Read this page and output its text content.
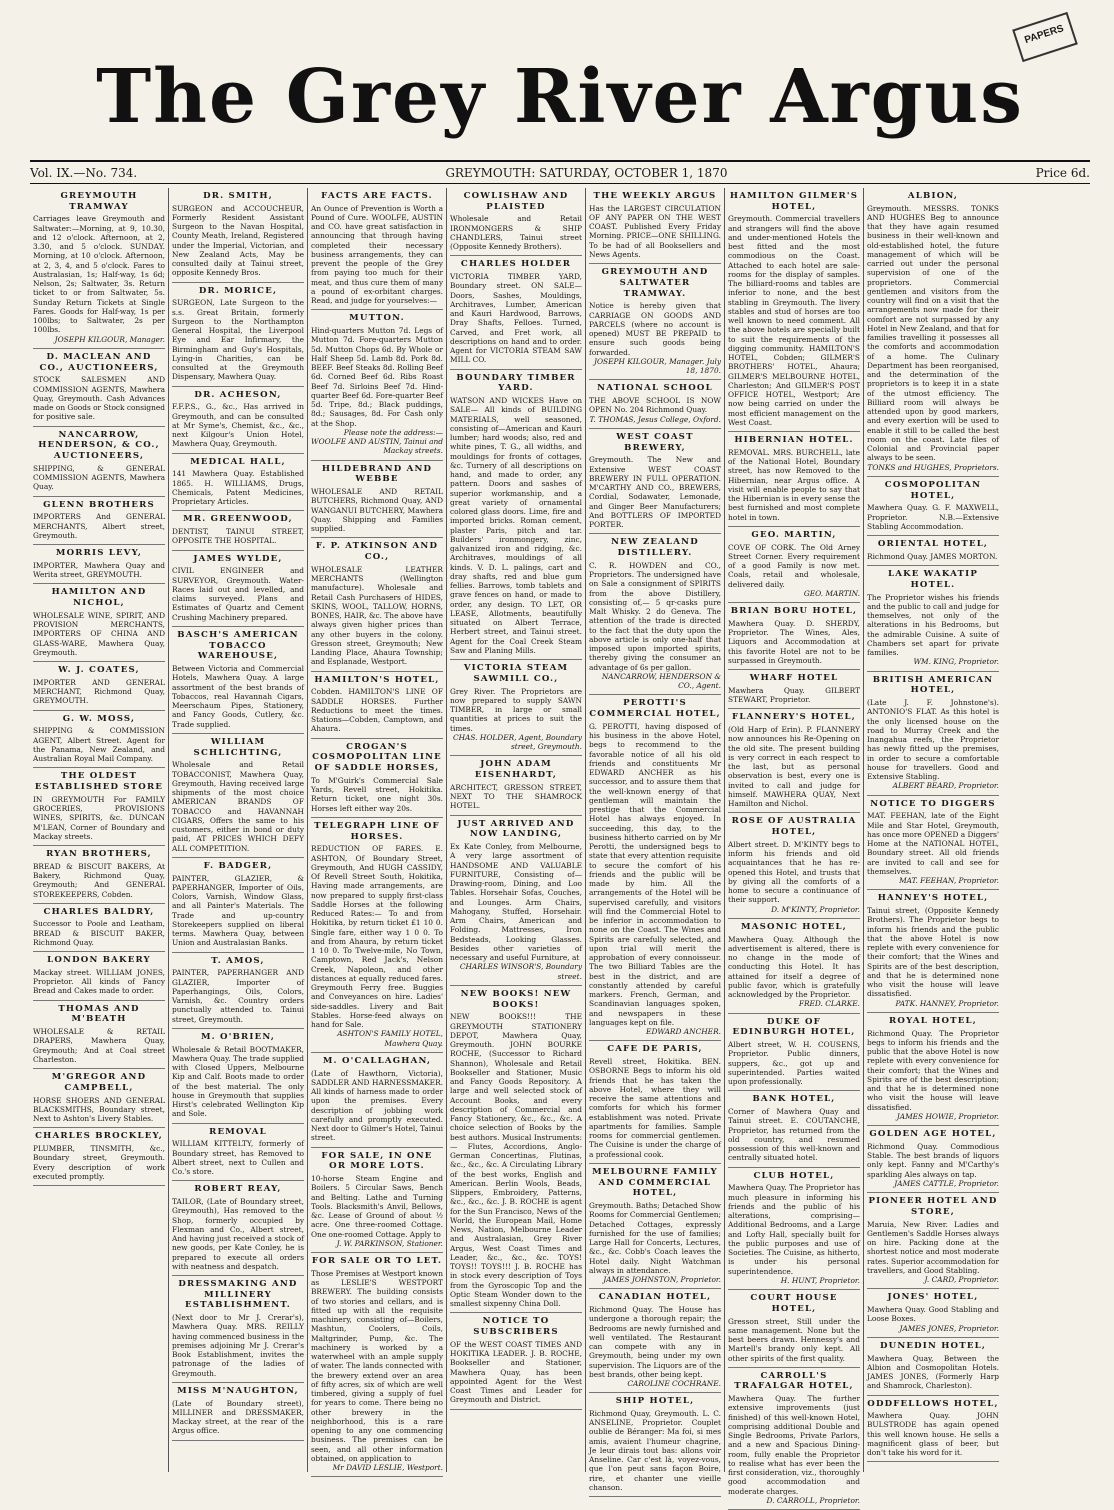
PAPERS
The Grey River Argus
Vol. IX.—No. 734.	GREYMOUTH: SATURDAY, OCTOBER 1, 1870	Price 6d.
GREYMOUTH TRAMWAY
Carriages leave Greymouth and Saltwater:—Morning, at 9, 10.30, and 12 o'clock. Afternoon, at 2, 3.30, and 5 o'clock. SUNDAY. Morning, at 10 o'clock. Afternoon, at 2, 3, 4, and 5 o'clock. Fares to Australasian, 1s; Half-way, 1s 6d; Nelson, 2s; Saltwater, 3s. Return ticket to or from Saltwater, 5s. Sunday Return Tickets at Single Fares. Goods for Half-way, 1s per 100lbs; to Saltwater, 2s per 100lbs.
JOSEPH KILGOUR, Manager.
D. MACLEAN AND CO., AUCTIONEERS,
STOCK SALESMEN AND COMMISSION AGENTS, Mawhera Quay, Greymouth. Cash Advances made on Goods or Stock consigned for positive sale.
NANCARROW, HENDERSON, & CO., AUCTIONEERS,
SHIPPING, & GENERAL COMMISSION AGENTS, Mawhera Quay.
GLENN BROTHERS
IMPORTERS And GENERAL MERCHANTS, Albert street, Greymouth.
MORRIS LEVY,
IMPORTER, Mawhera Quay and Werita street, GREYMOUTH.
HAMILTON AND NICHOL,
WHOLESALE WINE, SPIRIT, AND PROVISION MERCHANTS, IMPORTERS OF CHINA AND GLASS-WARE, Mawhera Quay, Greymouth.
W. J. COATES,
IMPORTER AND GENERAL MERCHANT, Richmond Quay, GREYMOUTH.
G. W. MOSS,
SHIPPING & COMMISSION AGENT, Albert Street. Agent for the Panama, New Zealand, and Australian Royal Mail Company.
THE OLDEST ESTABLISHED STORE
IN GREYMOUTH For FAMILY GROCERIES, PROVISIONS WINES, SPIRITS, &c. DUNCAN M'LEAN, Corner of Boundary and Mackay streets.
RYAN BROTHERS,
BREAD & BISCUIT BAKERS, At Bakery, Richmond Quay, Greymouth; And GENERAL STOREKEEPERS, Cobden.
CHARLES BALDRY,
Successor to Poole and Leatham, BREAD & BISCUIT BAKER, Richmond Quay.
LONDON BAKERY
Mackay street. WILLIAM JONES, Proprietor. All kinds of Fancy Bread and Cakes made to order.
THOMAS AND M'BEATH
WHOLESALE & RETAIL DRAPERS, Mawhera Quay, Greymouth; And at Coal street Charleston.
M'GREGOR AND CAMPBELL,
HORSE SHOERS AND GENERAL BLACKSMITHS, Boundary street, Next to Ashton's Livery Stables.
CHARLES BROCKLEY,
PLUMBER, TINSMITH, &c., Boundary street, Greymouth. Every description of work executed promptly.
DR. SMITH,
SURGEON and ACCOUCHEUR, Formerly Resident Assistant Surgeon to the Navan Hospital, County Meath, Ireland, Registered under the Imperial, Victorian, and New Zealand Acts, May be consulted daily at Tainui street, opposite Kennedy Bros.
DR. MORICE,
SURGEON, Late Surgeon to the s.s. Great Britain, formerly Surgeon to the Northampton General Hospital, the Liverpool Eye and Ear Infirmary, the Birmingham and Guy's Hospitals, Lying-in Charities, can be consulted at the Greymouth Dispensary, Mawhera Quay.
DR. ACHESON,
F.F.P.S., G., &c., Has arrived in Greymouth, and can be consulted at Mr Syme's, Chemist, &c., &c., next Kilgour's Union Hotel, Mawhera Quay, Greymouth.
MEDICAL HALL,
141 Mawhera Quay. Established 1865. H. WILLIAMS, Drugs, Chemicals, Patent Medicines, Proprietary Articles.
MR. GREENWOOD,
DENTIST, TAINUI STREET, OPPOSITE THE HOSPITAL.
JAMES WYLDE,
CIVIL ENGINEER and SURVEYOR, Greymouth. Water-Races laid out and levelled, and claims surveyed. Plans and Estimates of Quartz and Cement Crushing Machinery prepared.
BASCH'S AMERICAN TOBACCO WAREHOUSE,
Between Victoria and Commercial Hotels, Mawhera Quay. A large assortment of the best brands of Tobaccos, real Havannah Cigars, Meerschaum Pipes, Stationery, and Fancy Goods, Cutlery, &c. Trade supplied.
WILLIAM SCHLICHTING,
Wholesale and Retail TOBACCONIST, Mawhera Quay, Greymouth, Having received large shipments of the most choice AMERICAN BRANDS OF TOBACCO and HAVANNAH CIGARS, Offers the same to his customers, either in bond or duty paid, AT PRICES WHICH DEFY ALL COMPETITION.
F. BADGER,
PAINTER, GLAZIER, & PAPERHANGER, Importer of Oils, Colors, Varnish, Window Glass, and all Painter's Materials. The Trade and up-country Storekeepers supplied on liberal terms. Mawhera Quay, between Union and Australasian Banks.
T. AMOS,
PAINTER, PAPERHANGER AND GLAZIER, Importer of Paperhangings, Oils, Colors, Varnish, &c. Country orders punctually attended to. Tainui street, Greymouth.
M. O'BRIEN,
Wholesale & Retail BOOTMAKER, Mawhera Quay. The trade supplied with Closed Uppers, Melbourne Kip and Calf. Boots made to order of the best material. The only house in Greymouth that supplies Hirst's celebrated Wellington Kip and Sole.
REMOVAL
WILLIAM KITTELTY, formerly of Boundary street, has Removed to Albert street, next to Cullen and Co.'s store.
ROBERT REAY,
TAILOR, (Late of Boundary street, Greymouth), Has removed to the Shop, formerly occupied by Flexman and Co., Albert street, And having just received a stock of new goods, per Kate Conley, he is prepared to execute all orders with neatness and despatch.
DRESSMAKING AND MILLINERY ESTABLISHMENT.
(Next door to Mr J. Crerar's), Mawhera Quay. MRS. REILLY having commenced business in the premises adjoining Mr J. Crerar's Book Establishment, invites the patronage of the ladies of Greymouth.
MISS M'NAUGHTON,
(Late of Boundary street), MILLINER and DRESSMAKER, Mackay street, at the rear of the Argus office.
FACTS ARE FACTS.
An Ounce of Prevention is Worth a Pound of Cure. WOOLFE, AUSTIN and CO. have great satisfaction in announcing that through having completed their necessary business arrangements, they can prevent the people of the Grey from paying too much for their meat, and thus cure them of many a pound of ex-orbitant charges. Read, and judge for yourselves:—
MUTTON.
Hind-quarters Mutton 7d. Legs of Mutton 7d. Fore-quarters Mutton 5d. Mutton Chops 6d. By Whole or Half Sheep 5d. Lamb 8d. Pork 8d. BEEF. Beef Steaks 8d. Rolling Beef 6d. Corned Beef 6d. Ribs Roast Beef 7d. Sirloins Beef 7d. Hind-quarter Beef 6d. Fore-quarter Beef 5d. Tripe, 8d.; Black puddings, 8d.; Sausages, 8d. For Cash only at the Shop.
Please note the address:— WOOLFE AND AUSTIN, Tainui and Mackay streets.
HILDEBRAND AND WEBBE
WHOLESALE AND RETAIL BUTCHERS, Richmond Quay, AND WANGANUI BUTCHERY, Mawhera Quay. Shipping and Families supplied.
F. P. ATKINSON AND CO.,
WHOLESALE LEATHER MERCHANTS (Wellington manufacture). Wholesale and Retail Cash Purchasers of HIDES, SKINS, WOOL, TALLOW, HORNS, BONES, HAIR, &c. The above have always given higher prices than any other buyers in the colony. Gresson street, Greymouth; New Landing Place, Ahaura Township; and Esplanade, Westport.
HAMILTON'S HOTEL,
Cobden. HAMILTON'S LINE OF SADDLE HORSES. Further Reductions to meet the times. Stations—Cobden, Camptown, and Ahaura.
CROGAN'S COSMOPOLITAN LINE OF SADDLE HORSES,
To M'Guirk's Commercial Sale Yards, Revell street, Hokitika. Return ticket, one night 30s. Horses left either way 20s.
TELEGRAPH LINE OF HORSES.
REDUCTION OF FARES. E. ASHTON, Of Boundary Street, Greymouth, And HUGH CASSIDY, Of Revell Street South, Hokitika, Having made arrangements, are now prepared to supply first-class Saddle Horses at the following Reduced Rates:— To and from Hokitika, by return ticket £1 10 0. Single fare, either way 1 0 0. To and from Ahaura, by return ticket 1 10 0. To Twelve-mile, No Town, Camptown, Red Jack's, Nelson Creek, Napoleon, and other distances at equally reduced fares. Greymouth Ferry free. Buggies and Conveyances on hire. Ladies' side-saddles. Livery and Bait Stables. Horse-feed always on hand for Sale.
ASHTON'S FAMILY HOTEL, Mawhera Quay.
M. O'CALLAGHAN,
(Late of Hawthorn, Victoria), SADDLER AND HARNESSMAKER. All kinds of harness made to order upon the premises. Every description of jobbing work carefully and promptly executed. Next door to Gilmer's Hotel, Tainui street.
FOR SALE, IN ONE OR MORE LOTS.
10-horse Steam Engine and Boilers. 5 Circular Saws, Bench and Belting. Lathe and Turning Tools. Blacksmith's Anvil, Bellows, &c. Lease of Ground of about ½ acre. One three-roomed Cottage. One one-roomed Cottage. Apply to
J. W. PARKINSON, Stationer.
FOR SALE OR TO LET.
Those Premises at Westport known as LESLIE'S WESTPORT BREWERY. The building consists of two stories and cellars, and is fitted up with all the requisite machinery, consisting of—Boilers, Mashtun, Coolers, Coils, Maltgrinder, Pump, &c. The machinery is worked by a waterwheel with an ample supply of water. The lands connected with the brewery extend over an area of fifty acres, six of which are well timbered, giving a supply of fuel for years to come. There being no other brewery in the neighborhood, this is a rare opening to any one commencing business. The premises can be seen, and all other information obtained, on application to
Mr DAVID LESLIE, Westport.
COWLISHAW AND PLAISTED
Wholesale and Retail IRONMONGERS & SHIP CHANDLERS, Tainui street (Opposite Kennedy Brothers).
CHARLES HOLDER
VICTORIA TIMBER YARD, Boundary street. ON SALE— Doors, Sashes, Mouldings, Architraves, Lumber, American and Kauri Hardwood, Barrows, Dray Shafts, Felloes. Turned, Carved, and Fret work, all descriptions on hand and to order. Agent for VICTORIA STEAM SAW MILL CO.
BOUNDARY TIMBER YARD.
WATSON AND WICKES Have on SALE— All kinds of BUILDING MATERIALS, well seasoned, consisting of—American and Kauri lumber; hard woods; also, red and white pines, T. G., all widths, and mouldings for fronts of cottages, &c. Turnery of all descriptions on hand, and made to order, any pattern. Doors and sashes of superior workmanship, and a great variety of ornamental colored glass doors. Lime, fire and imported bricks. Roman cement, plaster Paris, pitch and tar. Builders' ironmongery, zinc, galvanized iron and ridging, &c. Architraves, mouldings of all kinds. V. D. L. palings, cart and dray shafts, red and blue gum fellies. Barrows, tomb tablets and grave fences on hand, or made to order, any design. TO LET, OR LEASE, Allotments, beautifully situated on Albert Terrace, Herbert street, and Tainui street. Agent for the Coal Creek Steam Saw and Planing Mills.
VICTORIA STEAM SAWMILL CO.,
Grey River. The Proprietors are now prepared to supply SAWN TIMBER, in large or small quantities at prices to suit the times.
CHAS. HOLDER, Agent, Boundary street, Greymouth.
JOHN ADAM EISENHARDT,
ARCHITECT, GRESSON STREET, NEXT TO THE SHAMROCK HOTEL.
JUST ARRIVED AND NOW LANDING,
Ex Kate Conley, from Melbourne, A very large assortment of HANDSOME AND VALUABLE FURNITURE, Consisting of— Drawing-room, Dining, and Loo Tables. Horsehair Sofas, Couches, and Lounges. Arm Chairs, Mahogany, Stuffed, Horsehair. Arm Chairs, American and Folding. Mattresses, Iron Bedsteads, Looking Glasses. Besides other varieties of necessary and useful Furniture, at
CHARLES WINSOR'S, Boundary street.
NEW BOOKS! NEW BOOKS!
NEW BOOKS!!! THE GREYMOUTH STATIONERY DEPOT, Mawhera Quay, Greymouth. JOHN BOURKE ROCHE, (Successor to Richard Shannon), Wholesale and Retail Bookseller and Stationer, Music and Fancy Goods Repository. A large and well selected stock of Account Books, and every description of Commercial and Fancy Stationery, &c., &c., &c. A choice selection of Books by the best authors. Musical Instruments:— Flutes, Accordions, Anglo-German Concertinas, Flutinas, &c., &c., &c. A Circulating Library of the best works, English and American. Berlin Wools, Beads, Slippers, Embroidery, Patterns, &c., &c., &c. J. B. ROCHE is agent for the Sun Francisco, News of the World, the European Mail, Home News, Nation, Melbourne Leader and Australasian, Grey River Argus, West Coast Times and Leader, &c., &c., &c. TOYS! TOYS!! TOYS!!! J. B. ROCHE has in stock every description of Toys from the Gyroscopic Top and the Optic Steam Wonder down to the smallest sixpenny China Doll.
NOTICE TO SUBSCRIBERS
OF the WEST COAST TIMES AND HOKITIKA LEADER. J. B. ROCHE, Bookseller and Stationer, Mawhera Quay, has been appointed Agent for the West Coast Times and Leader for Greymouth and District.
THE WEEKLY ARGUS
Has the LARGEST CIRCULATION OF ANY PAPER ON THE WEST COAST. Published Every Friday Morning. PRICE—ONE SHILLING. To be had of all Booksellers and News Agents.
GREYMOUTH AND SALTWATER TRAMWAY.
Notice is hereby given that CARRIAGE ON GOODS AND PARCELS (where no account is opened) MUST BE PREPAID to ensure such goods being forwarded.
JOSEPH KILGOUR, Manager. July 18, 1870.
NATIONAL SCHOOL
THE ABOVE SCHOOL IS NOW OPEN No. 204 Richmond Quay.
T. THOMAS, Jesus College, Oxford.
WEST COAST BREWERY,
Greymouth. The New and Extensive WEST COAST BREWERY IN FULL OPERATION. M'CARTHY AND CO., BREWERS, Cordial, Sodawater, Lemonade, and Ginger Beer Manufacturers; And BOTTLERS OF IMPORTED PORTER.
NEW ZEALAND DISTILLERY.
C. R. HOWDEN and CO., Proprietors. The undersigned have on Sale a consignment of SPIRITS from the above Distillery, consisting of,— 5 qr-casks pure Malt Whisky. 2 do Geneva. The attention of the trade is directed to the fact that the duty upon the above article is only one-half that imposed upon imported spirits, thereby giving the consumer an advantage of 6s per gallon.
NANCARROW, HENDERSON & CO., Agent.
PEROTTI'S COMMERCIAL HOTEL,
G. PEROTTI, having disposed of his business in the above Hotel, begs to recommend to the favorable notice of all his old friends and constituents Mr EDWARD ANCHER as his successor, and to assure them that the well-known energy of that gentleman will maintain the prestige that the Commercial Hotel has always enjoyed. In succeeding, this day, to the business hitherto carried on by Mr Perotti, the undersigned begs to state that every attention requisite to secure the comfort of his friends and the public will be made by him. All the arrangements of the Hotel will be supervised carefully, and visitors will find the Commercial Hotel to be inferior in accommodation to none on the Coast. The Wines and Spirits are carefully selected, and upon trial will merit the approbation of every connoisseur. The two Billiard Tables are the best in the district, and are constantly attended by careful markers. French, German, and Scandinavian languages spoken, and newspapers in these languages kept on file.
EDWARD ANCHER.
CAFE DE PARIS,
Revell street, Hokitika. BEN. OSBORNE Begs to inform his old friends that he has taken the above Hotel, where they will receive the same attentions and comforts for which his former establishment was noted. Private apartments for families. Sample rooms for commercial gentlemen. The Cuisine is under the charge of a professional cook.
MELBOURNE FAMILY AND COMMERCIAL HOTEL,
Greymouth. Baths; Detached Show Rooms for Commercial Gentlemen; Detached Cottages, expressly furnished for the use of families; Large Hall for Concerts, Lectures, &c., &c. Cobb's Coach leaves the Hotel daily. Night Watchman always in attendance.
JAMES JOHNSTON, Proprietor.
CANADIAN HOTEL,
Richmond Quay. The House has undergone a thorough repair; the Bedrooms are newly furnished and well ventilated. The Restaurant can compete with any in Greymouth, being under my own supervision. The Liquors are of the best brands, other being kept.
CAROLINE COCHRANE.
SHIP HOTEL,
Richmond Quay, Greymouth. L. C. ANSELINE, Proprietor. Couplet oublie de Béranger: Ma foi, si mes amis, avaient l'humeur chagrine, Je leur dirais tout bas: allons voir Anseline. Car c'est là, voyez-vous, que l'on peut sans façon Boire, rire, et chanter une vieille chanson.
HAMILTON GILMER'S HOTEL,
Greymouth. Commercial travellers and strangers will find the above and under-mentioned Hotels the best fitted and the most commodious on the Coast. Attached to each hotel are sale-rooms for the display of samples. The billiard-rooms and tables are inferior to none, and the best stabling in Greymouth. The livery stables and stud of horses are too well known to need comment. All the above hotels are specially built to suit the requirements of the digging community. HAMILTON'S HOTEL, Cobden; GILMER'S BROTHERS' HOTEL, Ahaura; GILMER'S MELBOURNE HOTEL, Charleston; And GILMER'S POST OFFICE HOTEL, Westport; Are now being carried on under the most efficient management on the West Coast.
HIBERNIAN HOTEL.
REMOVAL. MRS. BURCHELL, late of the National Hotel, Boundary street, has now Removed to the Hibernian, near Argus office. A visit will enable people to say that the Hibernian is in every sense the best furnished and most complete hotel in town.
GEO. MARTIN,
COVE OF CORK. The Old Arney Street Corner. Every requirement of a good Family is now met. Coals, retail and wholesale, delivered daily.
GEO. MARTIN.
BRIAN BORU HOTEL,
Mawhera Quay. D. SHERDY, Proprietor. The Wines, Ales, Liquors and Accommodation at this favorite Hotel are not to be surpassed in Greymouth.
WHARF HOTEL
Mawhera Quay. GILBERT STEWART, Proprietor.
FLANNERY'S HOTEL,
(Old Harp of Erin). P. FLANNERY now announces his Re-Opening on the old site. The present building is very correct in each respect to the last, but as personal observation is best, every one is invited to call and judge for himself. MAWHERA QUAY, Next Hamilton and Nichol.
ROSE OF AUSTRALIA HOTEL,
Albert street. D. M'KINTY begs to inform his friends and old acquaintances that he has re-opened this Hotel, and trusts that by giving all the comforts of a home to secure a continuance of their support.
D. M'KINTY, Proprietor.
MASONIC HOTEL,
Mawhera Quay. Although the advertisement is altered, there is no change in the mode of conducting this Hotel. It has attained for itself a degree of public favor, which is gratefully acknowledged by the Proprietor.
FRED. CLARKE.
DUKE OF EDINBURGH HOTEL,
Albert street, W. H. COUSENS, Proprietor. Public dinners, suppers, &c., got up and superintended. Parties waited upon professionally.
BANK HOTEL,
Corner of Mawhera Quay and Tainui street. E. COUTANCHE, Proprietor, has returned from the old country, and resumed possession of this well-known and centrally situated hotel.
CLUB HOTEL,
Mawhera Quay. The Proprietor has much pleasure in informing his friends and the public of his alterations, comprising—Additional Bedrooms, and a Large and Lofty Hall, specially built for the public purposes and use of Societies. The Cuisine, as hitherto, is under his personal superintendence.
H. HUNT, Proprietor.
COURT HOUSE HOTEL,
Gresson street, Still under the same management. None but the best beers drawn. Hennessy's and Martell's brandy only kept. All other spirits of the first quality.
CARROLL'S TRAFALGAR HOTEL,
Mawhera Quay. The further extensive improvements (just finished) of this well-known Hotel, comprising additional Double and Single Bedrooms, Private Parlors, and a new and Spacious Dining-room, fully enable the Proprietor to realise what has ever been the first consideration, viz., thoroughly good accommodation and moderate charges.
D. CARROLL, Proprietor.
ALBION,
Greymouth. MESSRS. TONKS AND HUGHES Beg to announce that they have again resumed business in their well-known and old-established hotel, the future management of which will be carried out under the personal supervision of one of the proprietors. Commercial gentlemen and visitors from the country will find on a visit that the arrangements now made for their comfort are not surpassed by any Hotel in New Zealand, and that for families travelling it possesses all the comforts and accommodation of a home. The Culinary Department has been reorganised, and the determination of the proprietors is to keep it in a state of the utmost efficiency. The Billiard room will always be attended upon by good markers, and every exertion will be used to enable it still to be called the best room on the coast. Late files of Colonial and Provincial paper always to be seen.
TONKS and HUGHES, Proprietors.
COSMOPOLITAN HOTEL,
Mawhera Quay. G. F. MAXWELL, Proprietor. N.B.—Extensive Stabling Accommodation.
ORIENTAL HOTEL,
Richmond Quay. JAMES MORTON.
LAKE WAKATIP HOTEL.
The Proprietor wishes his friends and the public to call and judge for themselves, not only of the alterations in his Bedrooms, but the admirable Cuisine. A suite of Chambers set apart for private families.
WM. KING, Proprietor.
BRITISH AMERICAN HOTEL,
(Late J. F. Johnstone's). ANTONIO'S FLAT. As this hotel is the only licensed house on the road to Murray Creek and the Inangahua reefs, the Proprietor has newly fitted up the premises, in order to secure a comfortable house for travellers. Good and Extensive Stabling.
ALBERT BEARD, Proprietor.
NOTICE TO DIGGERS
MAT. FEEHAN, late of the Eight Mile and Star Hotel, Greymouth, has once more OPENED a Diggers' Home at the NATIONAL HOTEL, Boundary street. All old friends are invited to call and see for themselves.
MAT. FEEHAN, Proprietor.
HANNEY'S HOTEL,
Tainui street, (Opposite Kennedy Brothers). The Proprietor begs to inform his friends and the public that the above Hotel is now replete with every convenience for their comfort; that the Wines and Spirits are of the best description, and that he is determined none who visit the house will leave dissatisfied.
PATK. HANNEY, Proprietor.
ROYAL HOTEL,
Richmond Quay. The Proprietor begs to inform his friends and the public that the above Hotel is now replete with every convenience for their comfort; that the Wines and Spirits are of the best description; and that he is determined none who visit the house will leave dissatisfied.
JAMES HOWIE, Proprietor.
GOLDEN AGE HOTEL,
Richmond Quay. Commodious Stable. The best brands of liquors only kept. Fanny and M'Carthy's sparkling Ales always on tap.
JAMES CATTLE, Proprietor.
PIONEER HOTEL AND STORE,
Maruia, New River. Ladies and Gentlemen's Saddle Horses always on hire. Packing done at the shortest notice and most moderate rates. Superior accommodation for travellers, and Good Stabling.
J. CARD, Proprietor.
JONES' HOTEL,
Mawhera Quay. Good Stabling and Loose Boxes.
JAMES JONES, Proprietor.
DUNEDIN HOTEL,
Mawhera Quay, Between the Albion and Cosmopolitan Hotels. JAMES JONES, (Formerly Harp and Shamrock, Charleston).
ODDFELLOWS HOTEL,
Mawhera Quay. JOHN BULSTRODE has again opened this well known house. He sells a magnificent glass of beer, but don't take his word for it.
